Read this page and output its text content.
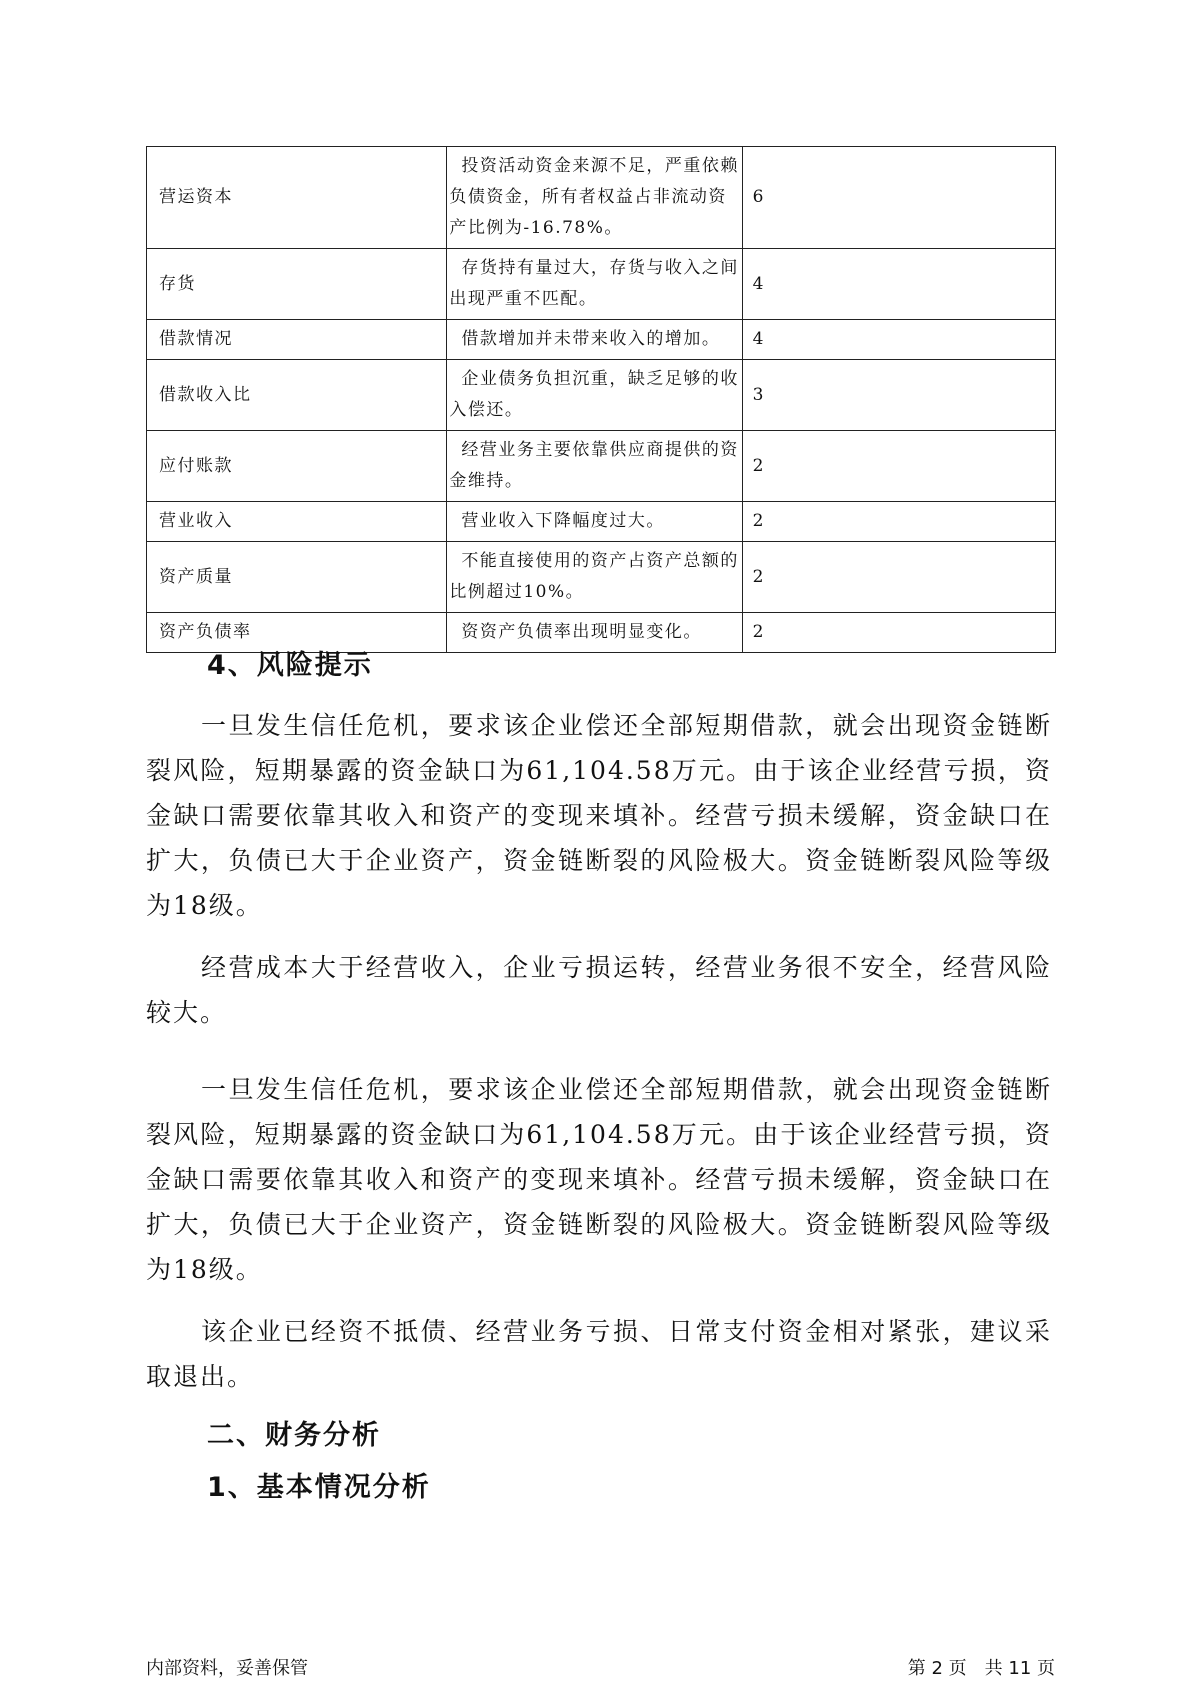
营运资本	投资活动资金来源不足，严重依赖负债资金，所有者权益占非流动资产比例为-16.78%。	6
存货	存货持有量过大，存货与收入之间出现严重不匹配。	4
借款情况	借款增加并未带来收入的增加。	4
借款收入比	企业债务负担沉重，缺乏足够的收入偿还。	3
应付账款	经营业务主要依靠供应商提供的资金维持。	2
营业收入	营业收入下降幅度过大。	2
资产质量	不能直接使用的资产占资产总额的比例超过10%。	2
资产负债率	资资产负债率出现明显变化。	2
4、风险提示

一旦发生信任危机，要求该企业偿还全部短期借款，就会出现资金链断裂风险，短期暴露的资金缺口为61,104.58万元。由于该企业经营亏损，资金缺口需要依靠其收入和资产的变现来填补。经营亏损未缓解，资金缺口在扩大，负债已大于企业资产，资金链断裂的风险极大。资金链断裂风险等级为18级。

经营成本大于经营收入，企业亏损运转，经营业务很不安全，经营风险较大。

一旦发生信任危机，要求该企业偿还全部短期借款，就会出现资金链断裂风险，短期暴露的资金缺口为61,104.58万元。由于该企业经营亏损，资金缺口需要依靠其收入和资产的变现来填补。经营亏损未缓解，资金缺口在扩大，负债已大于企业资产，资金链断裂的风险极大。资金链断裂风险等级为18级。

该企业已经资不抵债、经营业务亏损、日常支付资金相对紧张，建议采取退出。

二、财务分析
1、基本情况分析
内部资料，妥善保管	第 2 页　共 11 页
